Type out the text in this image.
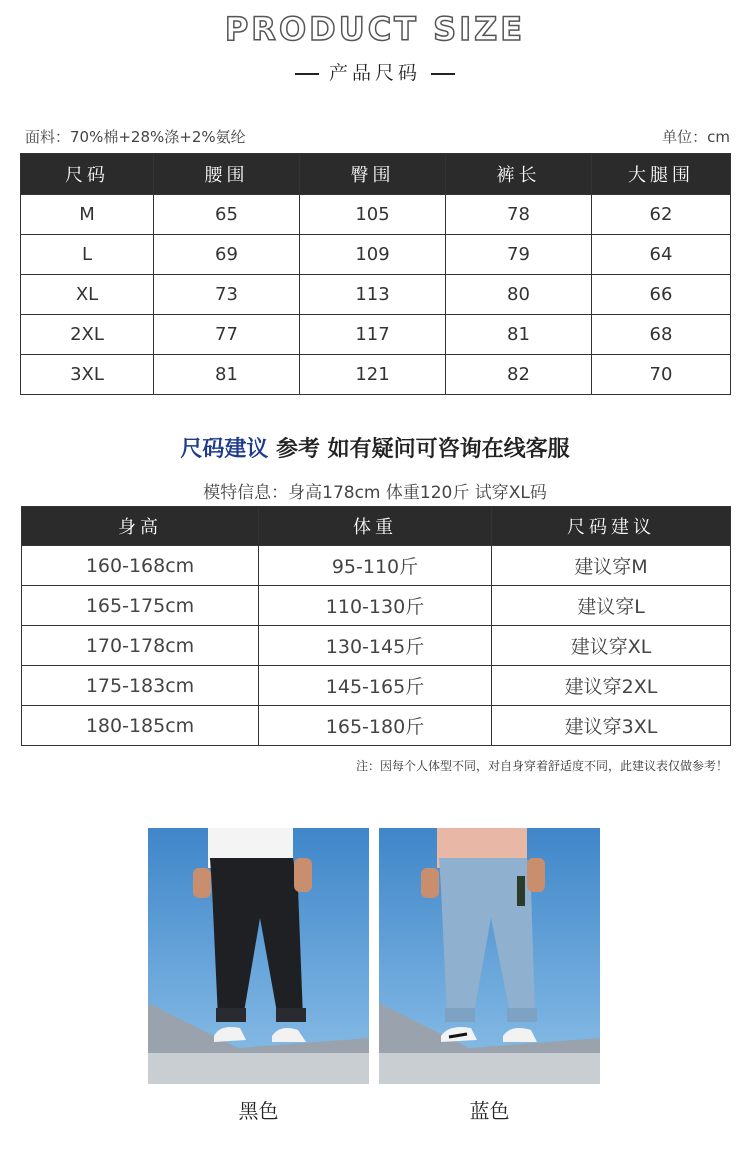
PRODUCT SIZE
产品尺码
面料：70%棉+28%涤+2%氨纶	单位：cm
尺码	腰围	臀围	裤长	大腿围
M	65	105	78	62
L	69	109	79	64
XL	73	113	80	66
2XL	77	117	81	68
3XL	81	121	82	70
尺码建议 参考 如有疑问可咨询在线客服
模特信息：身高178cm 体重120斤 试穿XL码
身高	体重	尺码建议
160-168cm	95-110斤	建议穿M
165-175cm	110-130斤	建议穿L
170-178cm	130-145斤	建议穿XL
175-183cm	145-165斤	建议穿2XL
180-185cm	165-180斤	建议穿3XL
注：因每个人体型不同，对自身穿着舒适度不同，此建议表仅做参考！
黑色	蓝色
